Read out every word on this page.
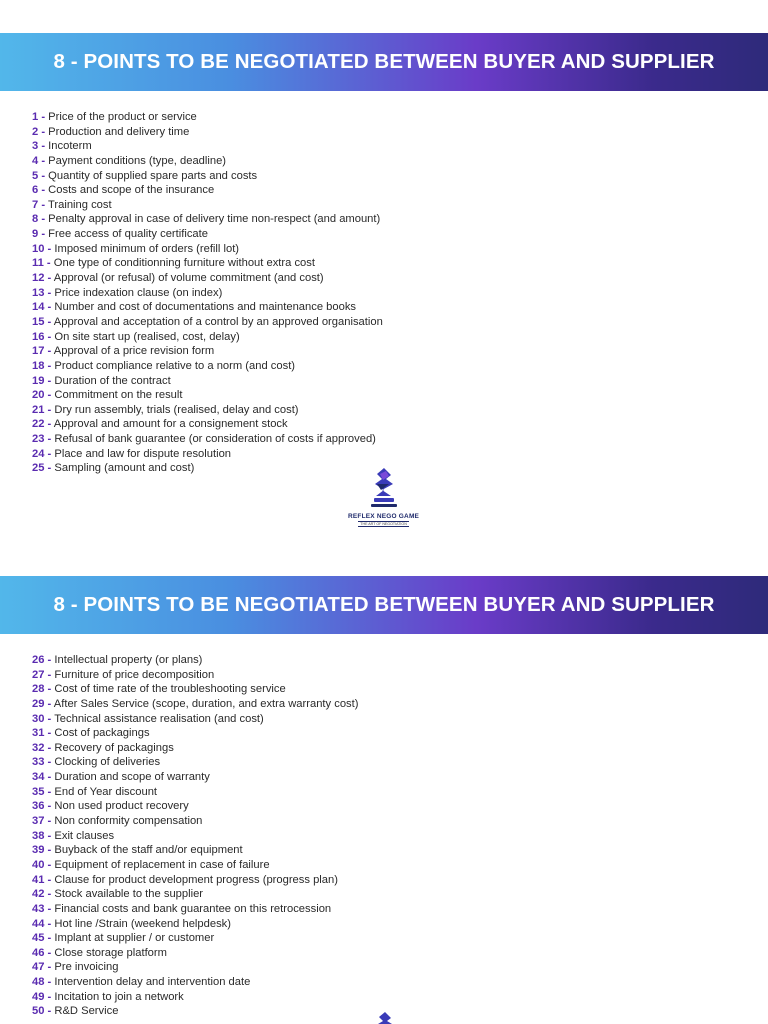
8 - POINTS TO BE NEGOTIATED BETWEEN BUYER AND SUPPLIER
1 - Price of the product or service
2 - Production and delivery time
3 - Incoterm
4 - Payment conditions (type, deadline)
5 - Quantity of supplied spare parts and costs
6 - Costs and scope of the insurance
7 - Training cost
8 - Penalty approval in case of delivery time non-respect (and amount)
9 - Free access of quality certificate
10 - Imposed minimum of orders (refill lot)
11 - One type of conditionning furniture without extra cost
12 - Approval (or refusal) of volume commitment (and cost)
13 - Price indexation clause (on index)
14 - Number and cost of documentations and maintenance books
15 - Approval and acceptation of a control by an approved organisation
16 - On site start up (realised, cost, delay)
17 - Approval of a price revision form
18 - Product compliance relative to a norm (and cost)
19 - Duration of the contract
20 - Commitment on the result
21 - Dry run assembly, trials (realised, delay and cost)
22 - Approval and amount for a consignement stock
23 - Refusal of bank guarantee (or consideration of costs if approved)
24 - Place and law for dispute resolution
25 - Sampling (amount and cost)
REFLEX NEGO GAME
THE ART OF NEGOTIATION
8 - POINTS TO BE NEGOTIATED BETWEEN BUYER AND SUPPLIER
26 - Intellectual property (or plans)
27 - Furniture of price decomposition
28 - Cost of time rate of the troubleshooting service
29 - After Sales Service (scope, duration, and extra warranty cost)
30 - Technical assistance realisation (and cost)
31 - Cost of packagings
32 - Recovery of packagings
33 - Clocking of deliveries
34 - Duration and scope of warranty
35 - End of Year discount
36 - Non used product recovery
37 - Non conformity compensation
38 - Exit clauses
39 - Buyback of the staff and/or equipment
40 - Equipment of replacement in case of failure
41 - Clause for product development progress (progress plan)
42 - Stock available to the supplier
43 - Financial costs and bank guarantee on this retrocession
44 - Hot line /Strain (weekend helpdesk)
45 - Implant at supplier / or customer
46 - Close storage platform
47 - Pre invoicing
48 - Intervention delay and intervention date
49 - Incitation to join a network
50 - R&D Service
